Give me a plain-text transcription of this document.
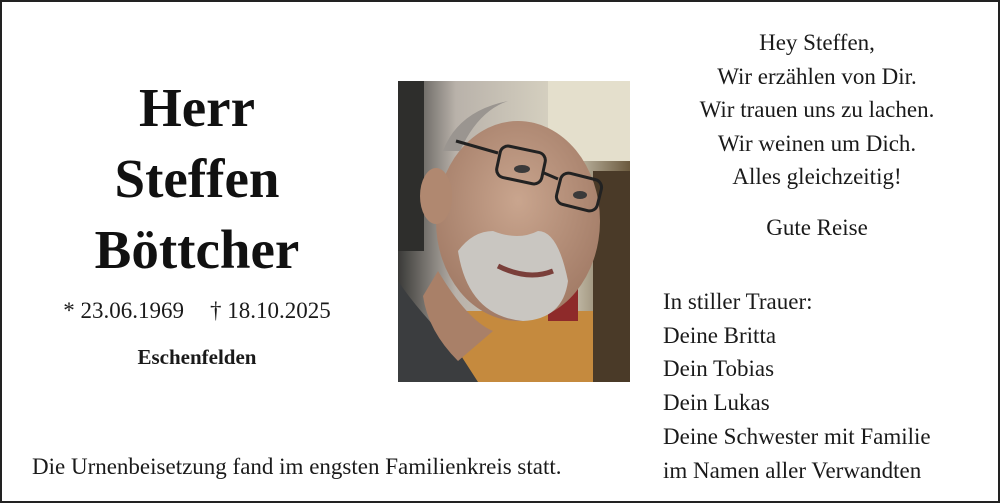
Herr
Steffen
Böttcher
* 23.06.1969 † 18.10.2025
Eschenfelden
Hey Steffen,
Wir erzählen von Dir.
Wir trauen uns zu lachen.
Wir weinen um Dich.
Alles gleichzeitig!
Gute Reise
In stiller Trauer:
Deine Britta
Dein Tobias
Dein Lukas
Deine Schwester mit Familie
im Namen aller Verwandten
Die Urnenbeisetzung fand im engsten Familienkreis statt.
